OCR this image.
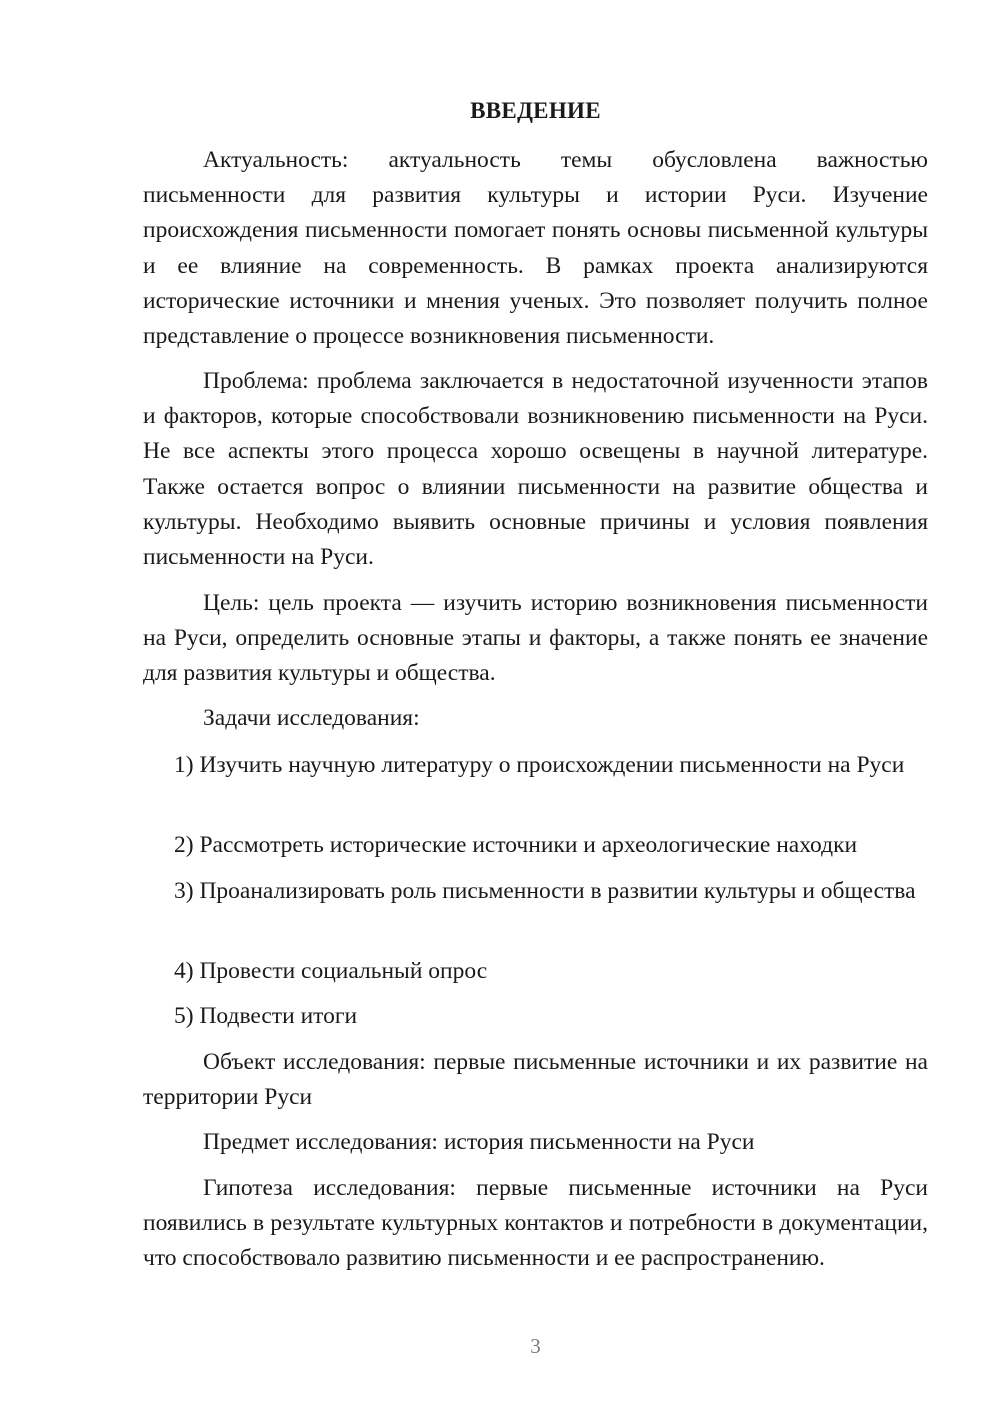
ВВЕДЕНИЕ

Актуальность: актуальность темы обусловлена важностью письменности для развития культуры и истории Руси. Изучение происхождения письменности помогает понять основы письменной культуры и ее влияние на современность. В рамках проекта анализируются исторические источники и мнения ученых. Это позволяет получить полное представление о процессе возникновения письменности.

Проблема: проблема заключается в недостаточной изученности этапов и факторов, которые способствовали возникновению письменности на Руси. Не все аспекты этого процесса хорошо освещены в научной литературе. Также остается вопрос о влиянии письменности на развитие общества и культуры. Необходимо выявить основные причины и условия появления письменности на Руси.

Цель: цель проекта — изучить историю возникновения письменности на Руси, определить основные этапы и факторы, а также понять ее значение для развития культуры и общества.

Задачи исследования:

1) Изучить научную литературу о происхождении письменности на Руси

2) Рассмотреть исторические источники и археологические находки

3) Проанализировать роль письменности в развитии культуры и общества

4) Провести социальный опрос

5) Подвести итоги

Объект исследования: первые письменные источники и их развитие на территории Руси

Предмет исследования: история письменности на Руси

Гипотеза исследования: первые письменные источники на Руси появились в результате культурных контактов и потребности в документации, что способствовало развитию письменности и ее распространению.

3
